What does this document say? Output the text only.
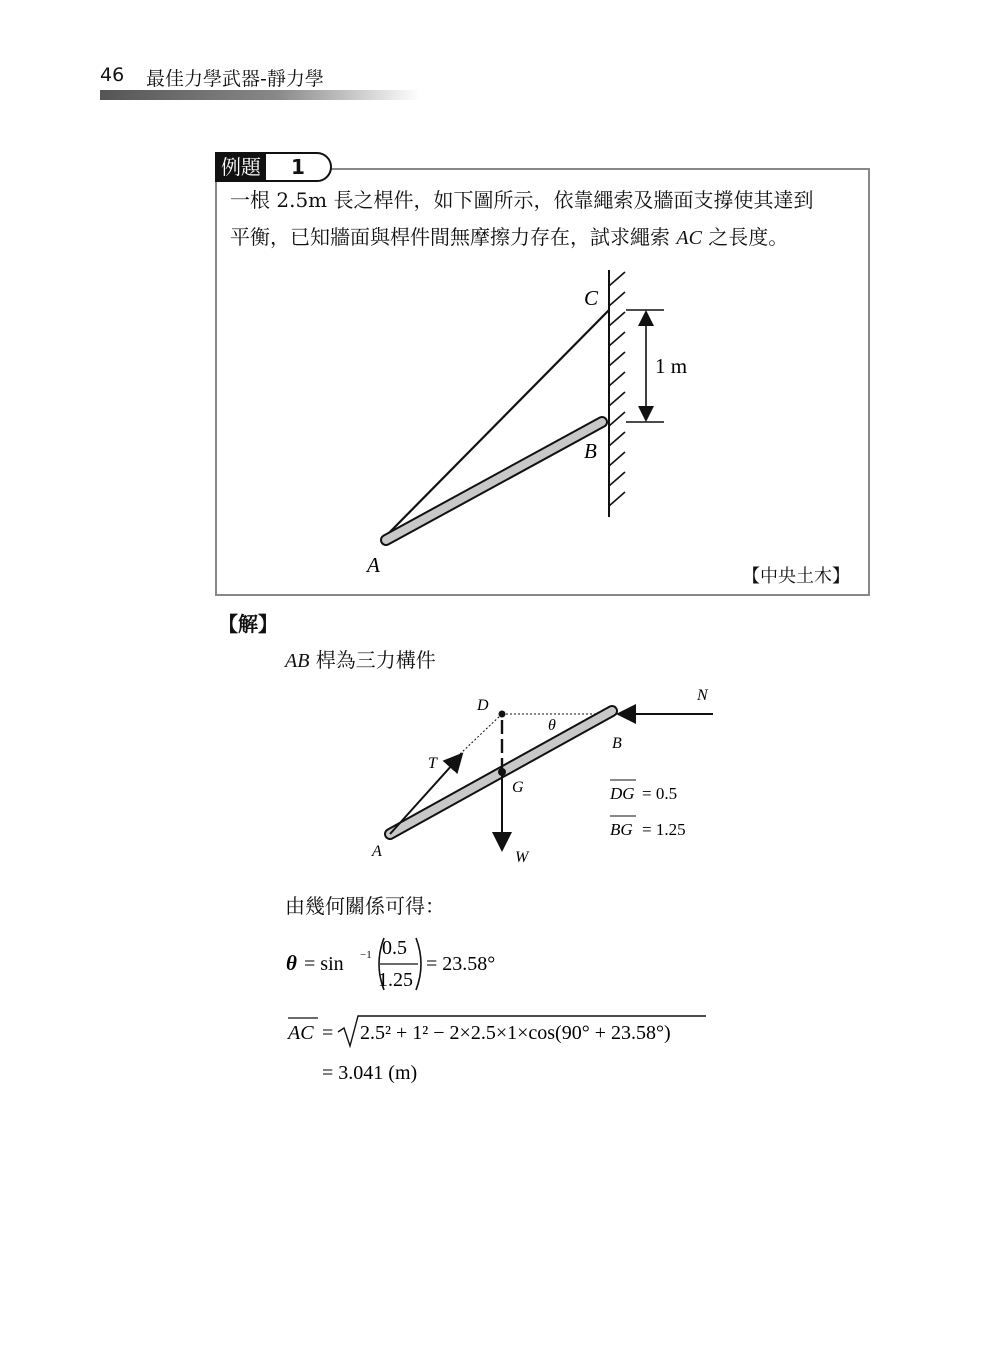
46 最佳力學武器-靜力學
例題	1
一根 2.5m 長之桿件，如下圖所示，依靠繩索及牆面支撐使其達到
平衡，已知牆面與桿件間無摩擦力存在，試求繩索 AC 之長度。
1 m
C
B
A	【中央土木】
【解】
AB 桿為三力構件
D
θ
N
B
T
G
A	W
DG = 0.5
BG = 1.25
由幾何關係可得：
θ = sin −1 0.5
1.25
= 23.58°
AC = 2.5² + 1² − 2×2.5×1×cos(90° + 23.58°)
= 3.041 (m)
